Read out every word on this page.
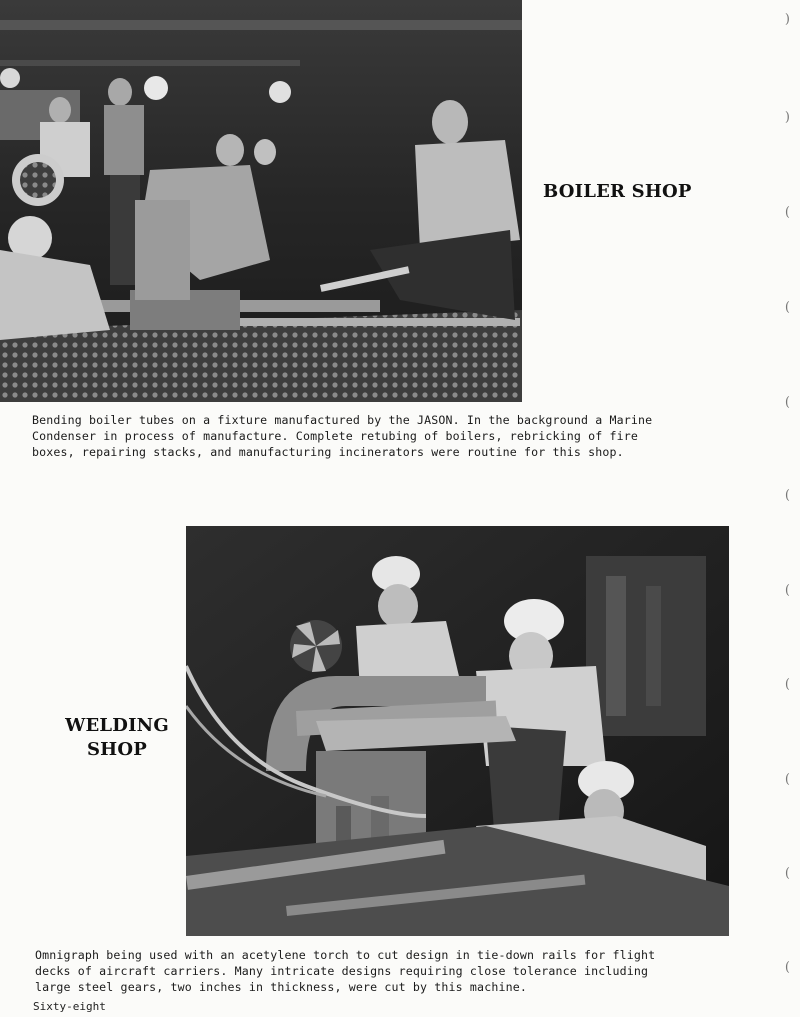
BOILER SHOP
Bending boiler tubes on a fixture manufactured by the JASON. In the background a Marine
Condenser in process of manufacture. Complete retubing of boilers, rebricking of fire
boxes, repairing stacks, and manufacturing incinerators were routine for this shop.
WELDING
SHOP
Omnigraph being used with an acetylene torch to cut design in tie-down rails for flight
decks of aircraft carriers. Many intricate designs requiring close tolerance including
large steel gears, two inches in thickness, were cut by this machine.
Sixty-eight
)
)
(
(
(
(
(
(
(
(
(
